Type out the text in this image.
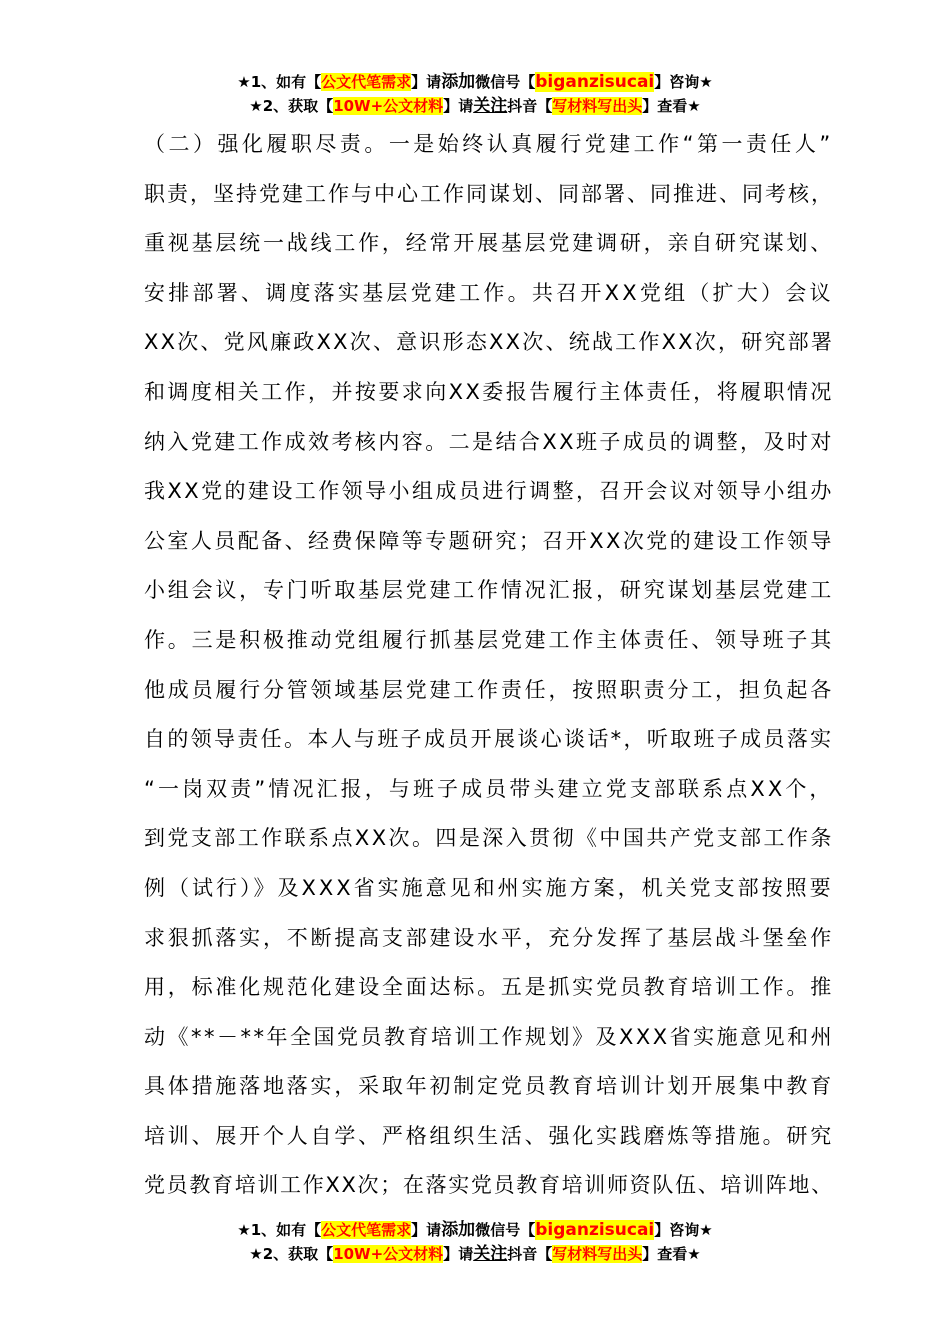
★1、如有【公文代笔需求】请添加微信号【biganzisucai】咨询★
★2、获取【10W+公文材料】请关注抖音【写材料写出头】查看★
（二）强化履职尽责。一是始终认真履行党建工作“第一责任人”
职责，坚持党建工作与中心工作同谋划、同部署、同推进、同考核，
重视基层统一战线工作，经常开展基层党建调研，亲自研究谋划、
安排部署、调度落实基层党建工作。共召开XX党组（扩大）会议
XX次、党风廉政XX次、意识形态XX次、统战工作XX次，研究部署
和调度相关工作，并按要求向XX委报告履行主体责任，将履职情况
纳入党建工作成效考核内容。二是结合XX班子成员的调整，及时对
我XX党的建设工作领导小组成员进行调整，召开会议对领导小组办
公室人员配备、经费保障等专题研究；召开XX次党的建设工作领导
小组会议，专门听取基层党建工作情况汇报，研究谋划基层党建工
作。三是积极推动党组履行抓基层党建工作主体责任、领导班子其
他成员履行分管领域基层党建工作责任，按照职责分工，担负起各
自的领导责任。本人与班子成员开展谈心谈话*，听取班子成员落实
“一岗双责”情况汇报，与班子成员带头建立党支部联系点XX个，
到党支部工作联系点XX次。四是深入贯彻《中国共产党支部工作条
例（试行）》及XXX省实施意见和州实施方案，机关党支部按照要
求狠抓落实，不断提高支部建设水平，充分发挥了基层战斗堡垒作
用，标准化规范化建设全面达标。五是抓实党员教育培训工作。推
动《**－**年全国党员教育培训工作规划》及XXX省实施意见和州
具体措施落地落实，采取年初制定党员教育培训计划开展集中教育
培训、展开个人自学、严格组织生活、强化实践磨炼等措施。研究
党员教育培训工作XX次；在落实党员教育培训师资队伍、培训阵地、
★1、如有【公文代笔需求】请添加微信号【biganzisucai】咨询★
★2、获取【10W+公文材料】请关注抖音【写材料写出头】查看★
